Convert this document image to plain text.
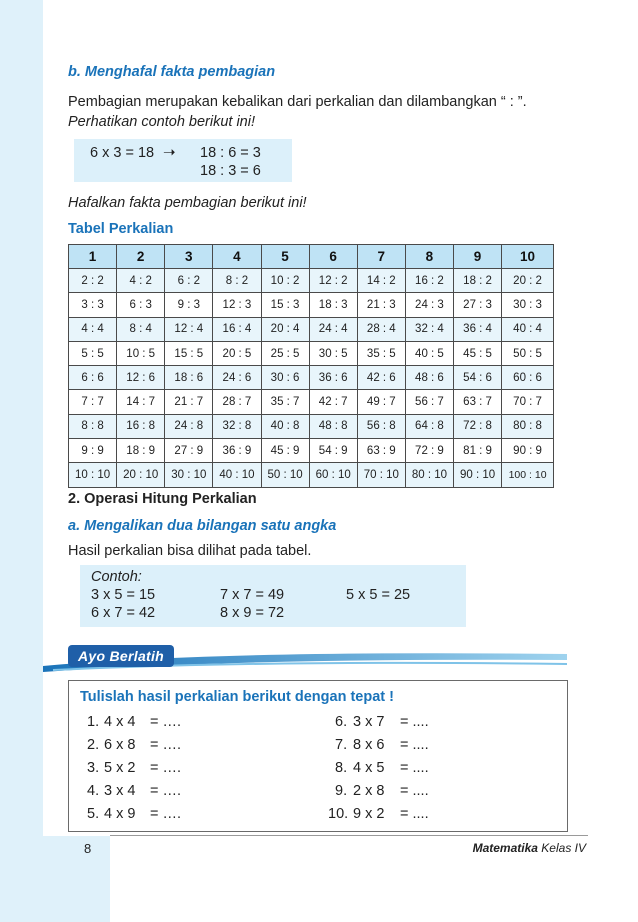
b. Menghafal fakta pembagian
Pembagian merupakan kebalikan dari perkalian dan dilambangkan “ : ”.
Perhatikan contoh berikut ini!
6 x 3 = 18	18 : 6 = 3
18 : 3 = 6
➝
Hafalkan fakta pembagian berikut ini!
Tabel Perkalian
1	2	3	4	5	6	7	8	9	10
2 : 2	4 : 2	6 : 2	8 : 2	10 : 2	12 : 2	14 : 2	16 : 2	18 : 2	20 : 2
3 : 3	6 : 3	9 : 3	12 : 3	15 : 3	18 : 3	21 : 3	24 : 3	27 : 3	30 : 3
4 : 4	8 : 4	12 : 4	16 : 4	20 : 4	24 : 4	28 : 4	32 : 4	36 : 4	40 : 4
5 : 5	10 : 5	15 : 5	20 : 5	25 : 5	30 : 5	35 : 5	40 : 5	45 : 5	50 : 5
6 : 6	12 : 6	18 : 6	24 : 6	30 : 6	36 : 6	42 : 6	48 : 6	54 : 6	60 : 6
7 : 7	14 : 7	21 : 7	28 : 7	35 : 7	42 : 7	49 : 7	56 : 7	63 : 7	70 : 7
8 : 8	16 : 8	24 : 8	32 : 8	40 : 8	48 : 8	56 : 8	64 : 8	72 : 8	80 : 8
9 : 9	18 : 9	27 : 9	36 : 9	45 : 9	54 : 9	63 : 9	72 : 9	81 : 9	90 : 9
10 : 10	20 : 10	30 : 10	40 : 10	50 : 10	60 : 10	70 : 10	80 : 10	90 : 10	100 : 10
2. Operasi Hitung Perkalian
a. Mengalikan dua bilangan satu angka
Hasil perkalian bisa dilihat pada tabel.
Contoh:
3 x 5 = 15	7 x 7 = 49	5 x 5 = 25
6 x 7 = 42	8 x 9 = 72
Ayo Berlatih
Tulislah hasil perkalian berikut dengan tepat !
1. 4 x 4 = ….
2. 6 x 8 = ….
3. 5 x 2 = ….
4. 3 x 4 = ….
5. 4 x 9 = ….
6. 3 x 7 = ....
7. 8 x 6 = ....
8. 4 x 5 = ....
9. 2 x 8 = ....
10. 9 x 2 = ....
8	Matematika Kelas IV
